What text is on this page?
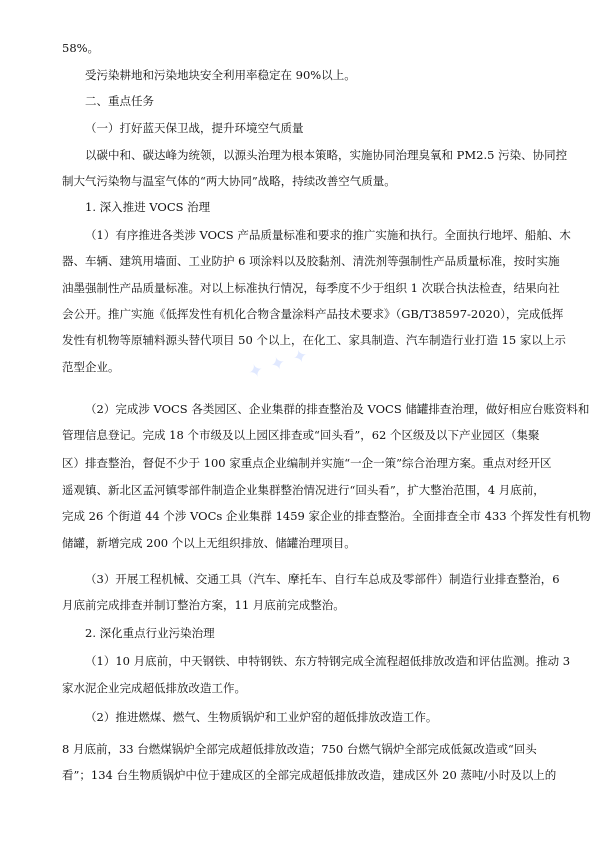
58%。

受污染耕地和污染地块安全利用率稳定在 90%以上。

二、重点任务

（一）打好蓝天保卫战，提升环境空气质量

以碳中和、碳达峰为统领，以源头治理为根本策略，实施协同治理臭氧和 PM2.5 污染、协同控

制大气污染物与温室气体的“两大协同”战略，持续改善空气质量。

1. 深入推进 VOCS 治理

（1）有序推进各类涉 VOCS 产品质量标准和要求的推广实施和执行。全面执行地坪、船舶、木

器、车辆、建筑用墙面、工业防护 6 项涂料以及胶黏剂、清洗剂等强制性产品质量标准，按时实施

油墨强制性产品质量标准。对以上标准执行情况，每季度不少于组织 1 次联合执法检查，结果向社

会公开。推广实施《低挥发性有机化合物含量涂料产品技术要求》（GB/T38597-2020），完成低挥

发性有机物等原辅料源头替代项目 50 个以上，在化工、家具制造、汽车制造行业打造 15 家以上示

范型企业。

（2）完成涉 VOCS 各类园区、企业集群的排查整治及 VOCS 储罐排查治理，做好相应台账资料和

管理信息登记。完成 18 个市级及以上园区排查或“回头看”，62 个区级及以下产业园区（集聚

区）排查整治，督促不少于 100 家重点企业编制并实施“一企一策”综合治理方案。重点对经开区

遥观镇、新北区孟河镇零部件制造企业集群整治情况进行“回头看”，扩大整治范围，4 月底前，

完成 26 个街道 44 个涉 VOCs 企业集群 1459 家企业的排查整治。全面排查全市 433 个挥发性有机物

储罐，新增完成 200 个以上无组织排放、储罐治理项目。

（3）开展工程机械、交通工具（汽车、摩托车、自行车总成及零部件）制造行业排查整治，6

月底前完成排查并制订整治方案，11 月底前完成整治。

2. 深化重点行业污染治理

（1）10 月底前，中天钢铁、申特钢铁、东方特钢完成全流程超低排放改造和评估监测。推动 3

家水泥企业完成超低排放改造工作。

（2）推进燃煤、燃气、生物质锅炉和工业炉窑的超低排放改造工作。

8 月底前，33 台燃煤锅炉全部完成超低排放改造；750 台燃气锅炉全部完成低氮改造或“回头

看”；134 台生物质锅炉中位于建成区的全部完成超低排放改造，建成区外 20 蒸吨/小时及以上的

✦ ✦ ✦
